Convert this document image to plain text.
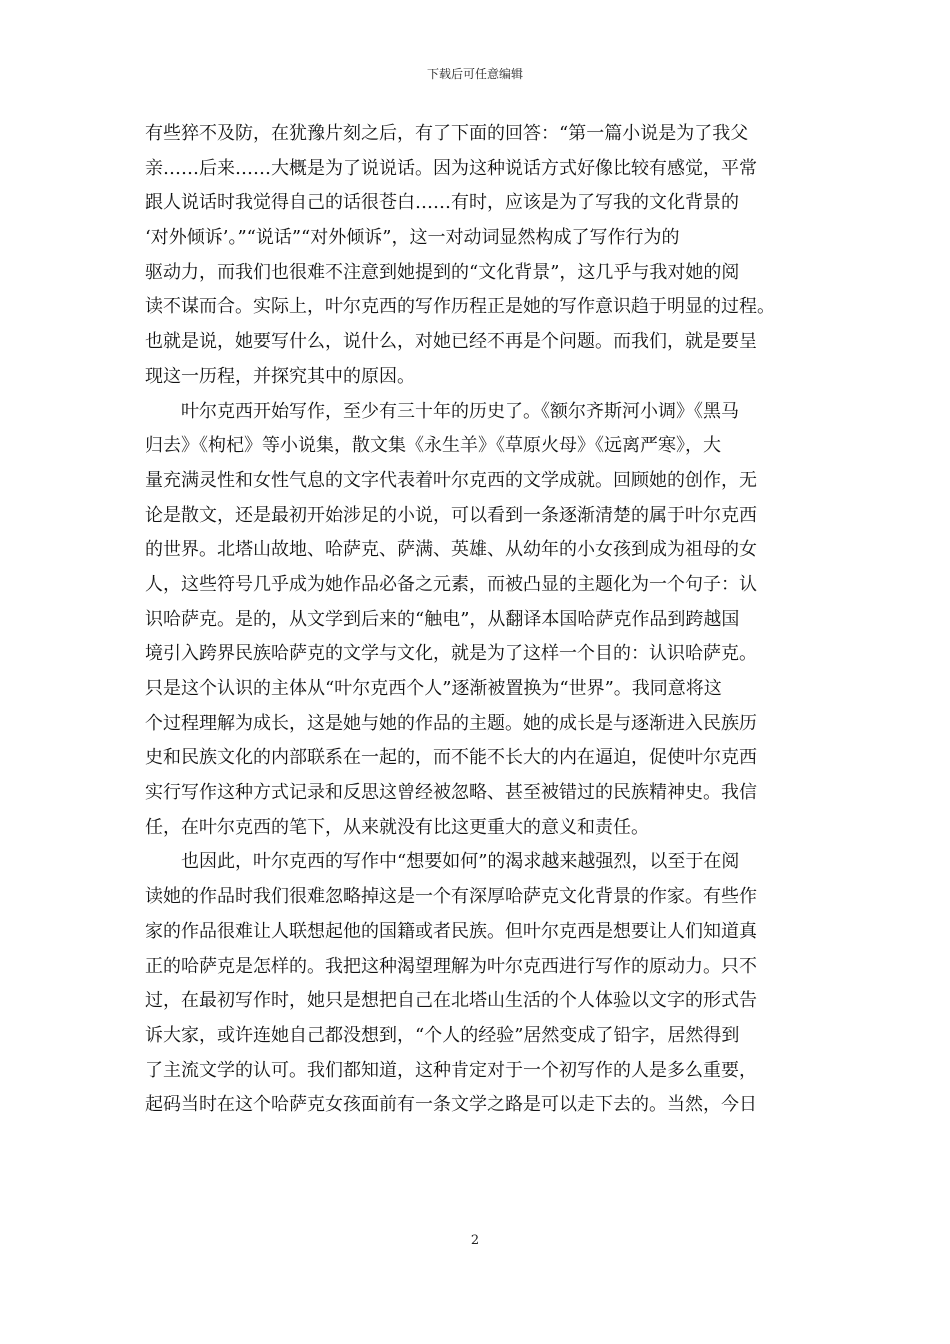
下载后可任意编辑
有些猝不及防，在犹豫片刻之后，有了下面的回答：“第一篇小说是为了我父
亲……后来……大概是为了说说话。因为这种说话方式好像比较有感觉，平常
跟人说话时我觉得自己的话很苍白……有时，应该是为了写我的文化背景的
‘对外倾诉’。”“说话”“对外倾诉”，这一对动词显然构成了写作行为的
驱动力，而我们也很难不注意到她提到的“文化背景”，这几乎与我对她的阅
读不谋而合。实际上，叶尔克西的写作历程正是她的写作意识趋于明显的过程。
也就是说，她要写什么，说什么，对她已经不再是个问题。而我们，就是要呈
现这一历程，并探究其中的原因。
叶尔克西开始写作，至少有三十年的历史了。《额尔齐斯河小调》《黑马
归去》《枸杞》等小说集，散文集《永生羊》《草原火母》《远离严寒》，大
量充满灵性和女性气息的文字代表着叶尔克西的文学成就。回顾她的创作，无
论是散文，还是最初开始涉足的小说，可以看到一条逐渐清楚的属于叶尔克西
的世界。北塔山故地、哈萨克、萨满、英雄、从幼年的小女孩到成为祖母的女
人，这些符号几乎成为她作品必备之元素，而被凸显的主题化为一个句子：认
识哈萨克。是的，从文学到后来的“触电”，从翻译本国哈萨克作品到跨越国
境引入跨界民族哈萨克的文学与文化，就是为了这样一个目的：认识哈萨克。
只是这个认识的主体从“叶尔克西个人”逐渐被置换为“世界”。我同意将这
个过程理解为成长，这是她与她的作品的主题。她的成长是与逐渐进入民族历
史和民族文化的内部联系在一起的，而不能不长大的内在逼迫，促使叶尔克西
实行写作这种方式记录和反思这曾经被忽略、甚至被错过的民族精神史。我信
任，在叶尔克西的笔下，从来就没有比这更重大的意义和责任。
也因此，叶尔克西的写作中“想要如何”的渴求越来越强烈，以至于在阅
读她的作品时我们很难忽略掉这是一个有深厚哈萨克文化背景的作家。有些作
家的作品很难让人联想起他的国籍或者民族。但叶尔克西是想要让人们知道真
正的哈萨克是怎样的。我把这种渴望理解为叶尔克西进行写作的原动力。只不
过，在最初写作时，她只是想把自己在北塔山生活的个人体验以文字的形式告
诉大家，或许连她自己都没想到，“个人的经验”居然变成了铅字，居然得到
了主流文学的认可。我们都知道，这种肯定对于一个初写作的人是多么重要，
起码当时在这个哈萨克女孩面前有一条文学之路是可以走下去的。当然，今日
2
